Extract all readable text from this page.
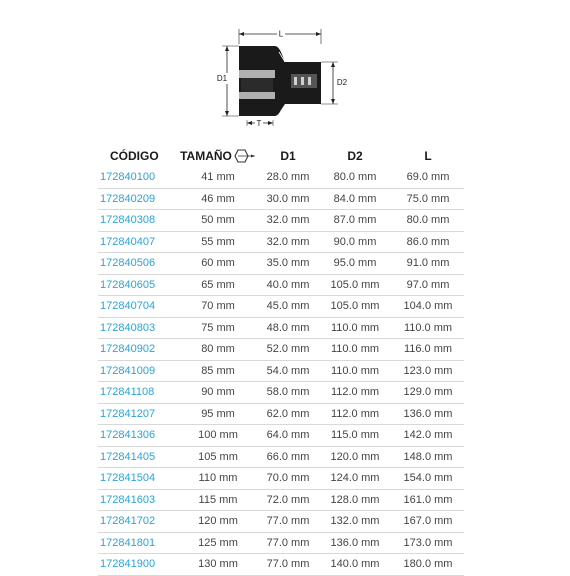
L
D1	D2
T
CÓDIGO	TAMAÑO	D1	D2	L
172840100	41 mm	28.0 mm	80.0 mm	69.0 mm
172840209	46 mm	30.0 mm	84.0 mm	75.0 mm
172840308	50 mm	32.0 mm	87.0 mm	80.0 mm
172840407	55 mm	32.0 mm	90.0 mm	86.0 mm
172840506	60 mm	35.0 mm	95.0 mm	91.0 mm
172840605	65 mm	40.0 mm	105.0 mm	97.0 mm
172840704	70 mm	45.0 mm	105.0 mm	104.0 mm
172840803	75 mm	48.0 mm	110.0 mm	110.0 mm
172840902	80 mm	52.0 mm	110.0 mm	116.0 mm
172841009	85 mm	54.0 mm	110.0 mm	123.0 mm
172841108	90 mm	58.0 mm	112.0 mm	129.0 mm
172841207	95 mm	62.0 mm	112.0 mm	136.0 mm
172841306	100 mm	64.0 mm	115.0 mm	142.0 mm
172841405	105 mm	66.0 mm	120.0 mm	148.0 mm
172841504	110 mm	70.0 mm	124.0 mm	154.0 mm
172841603	115 mm	72.0 mm	128.0 mm	161.0 mm
172841702	120 mm	77.0 mm	132.0 mm	167.0 mm
172841801	125 mm	77.0 mm	136.0 mm	173.0 mm
172841900	130 mm	77.0 mm	140.0 mm	180.0 mm
